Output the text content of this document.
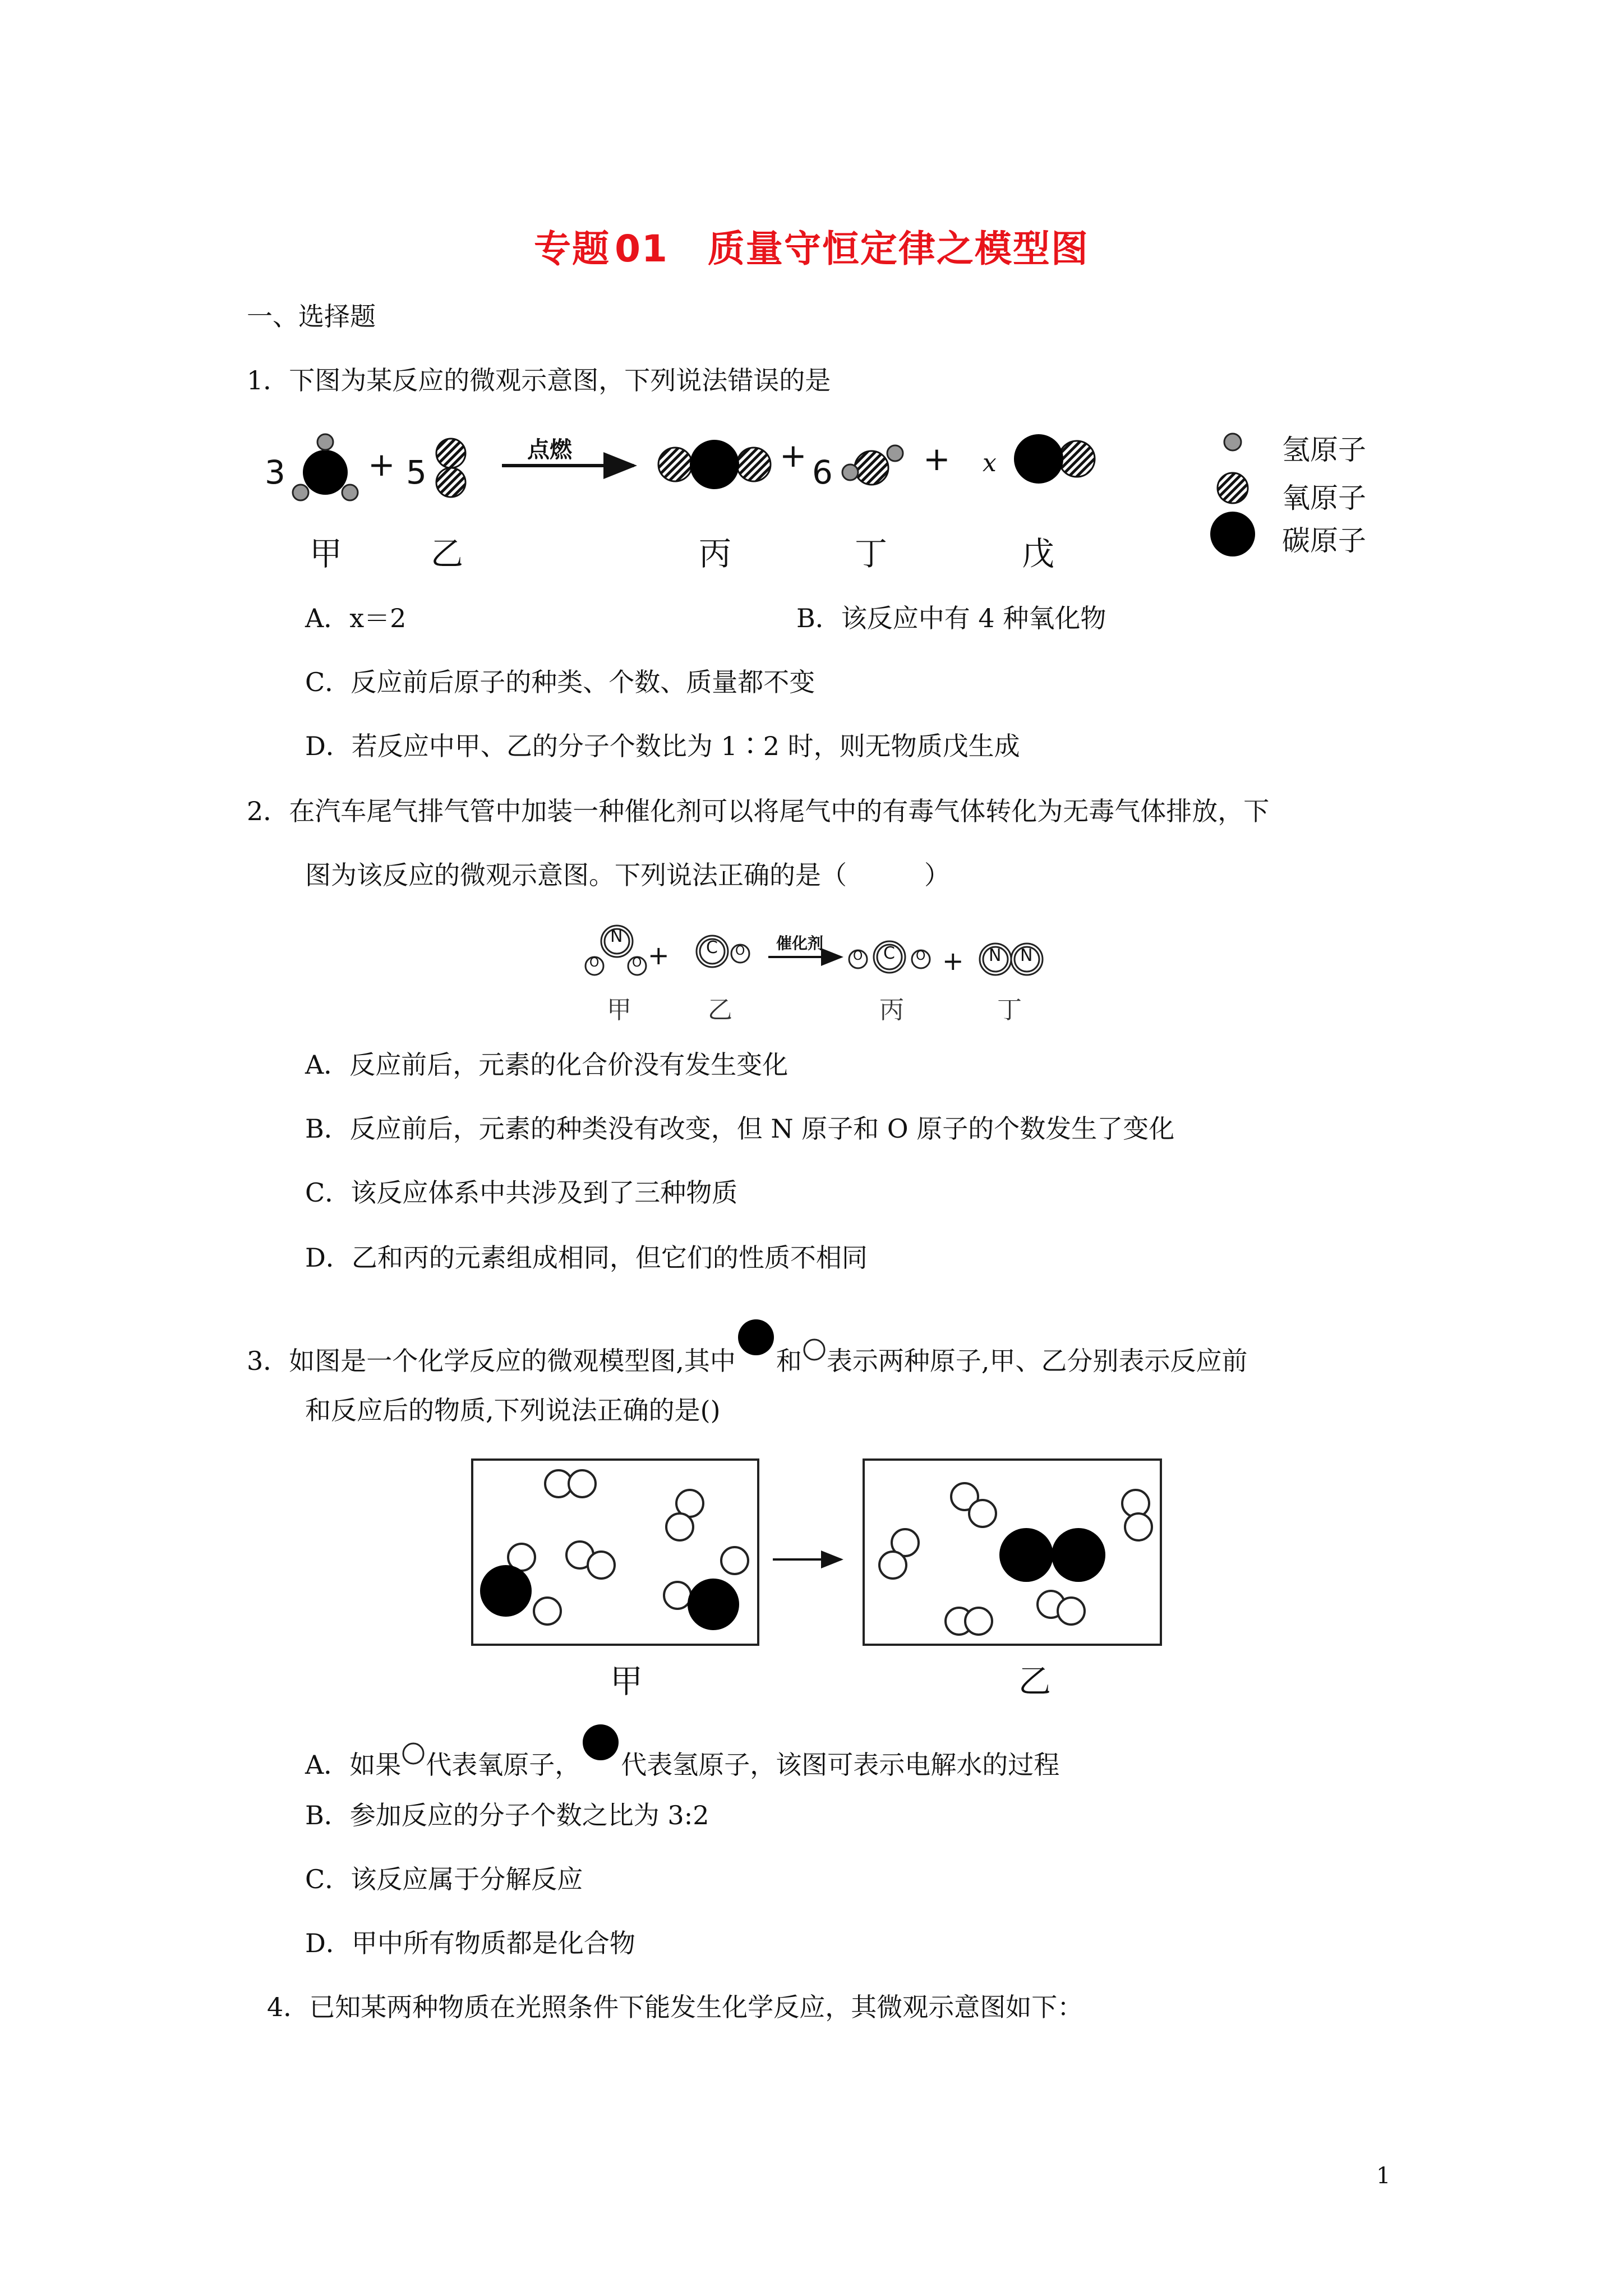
专题 01 质量守恒定律之模型图
一、选择题
1．下图为某反应的微观示意图，下列说法错误的是
3	+ 5
点燃	+ 6	+ x
甲	乙	丙	丁	戊
氢原子
氧原子
碳原子
A．x＝2	B．该反应中有 4 种氧化物
C．反应前后原子的种类、个数、质量都不变
D．若反应中甲、乙的分子个数比为 1∶2 时，则无物质戊生成
2．在汽车尾气排气管中加装一种催化剂可以将尾气中的有毒气体转化为无毒气体排放，下
图为该反应的微观示意图。下列说法正确的是（　　　）
N
O	O + C O 催化剂
O C O + N N
甲	乙	丙	丁
A．反应前后，元素的化合价没有发生变化
B．反应前后，元素的种类没有改变，但 N 原子和 O 原子的个数发生了变化
C．该反应体系中共涉及到了三种物质
D．乙和丙的元素组成相同，但它们的性质不相同
3．如图是一个化学反应的微观模型图,其中 和 表示两种原子,甲、乙分别表示反应前
和反应后的物质,下列说法正确的是()
甲	乙
A．如果 代表氧原子， 代表氢原子，该图可表示电解水的过程
B．参加反应的分子个数之比为 3:2
C．该反应属于分解反应
D．甲中所有物质都是化合物
4．已知某两种物质在光照条件下能发生化学反应，其微观示意图如下：
1
